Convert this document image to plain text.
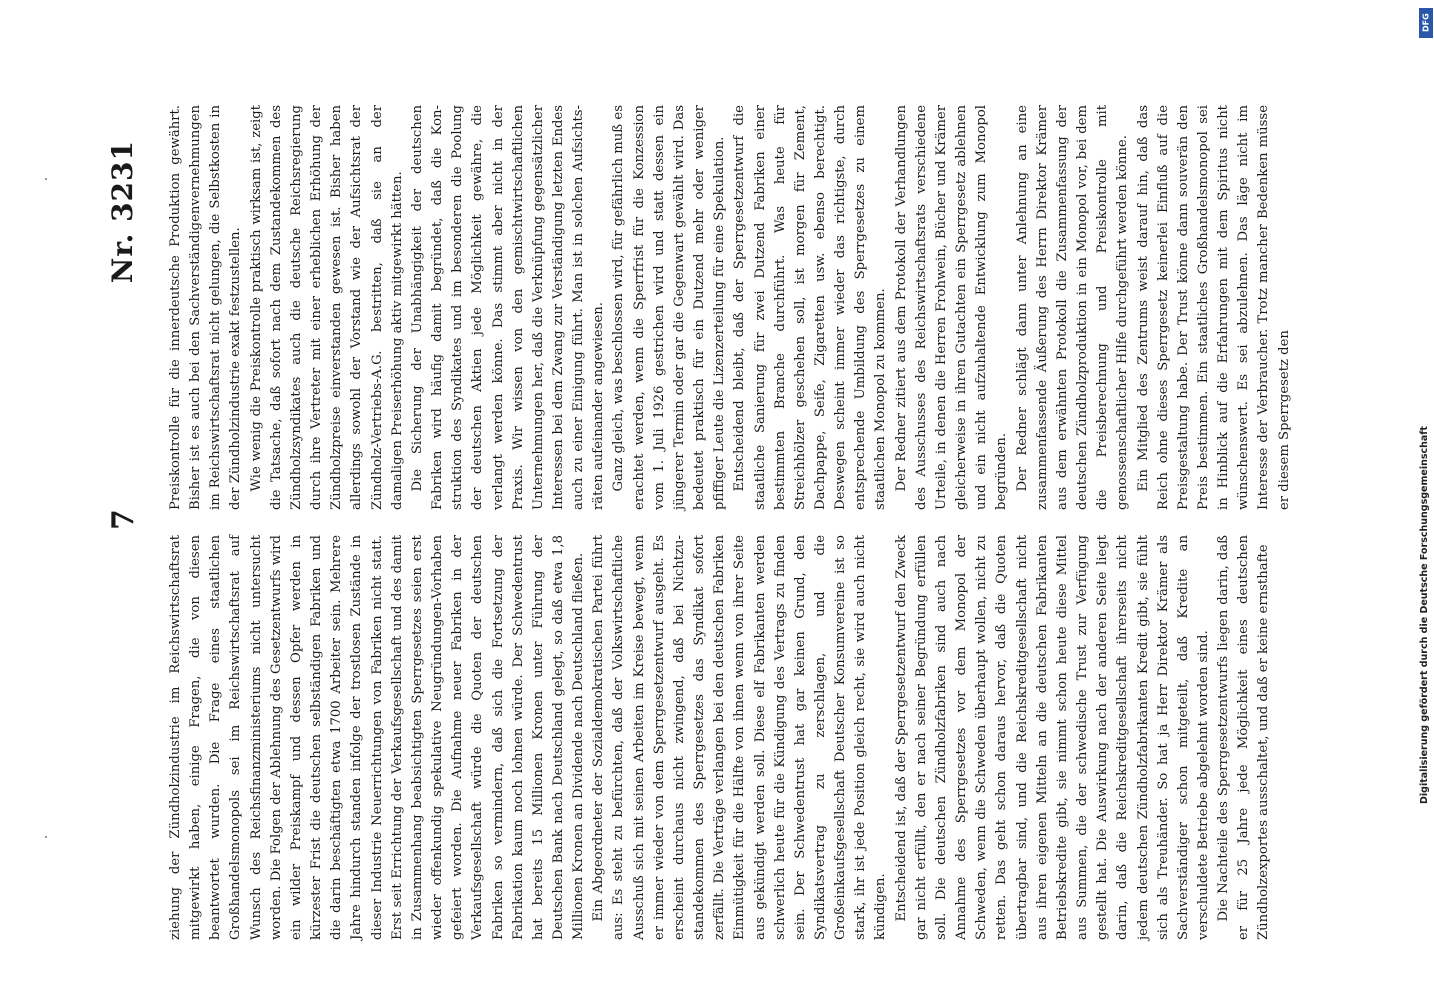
7
Nr. 3231

ziehung der Zündholzindustrie im Reichswirtschaftsrat mitgewirkt haben, einige Fragen, die von diesen beantwortet wurden. Die Frage eines staatlichen Großhandelsmonopols sei im Reichswirtschaftsrat auf Wunsch des Reichsfinanzministeriums nicht untersucht worden. Die Folgen der Ablehnung des Gesetzentwurfs wird ein wilder Preiskampf und dessen Opfer werden in kürzester Frist die deutschen selbständigen Fabriken und die darin beschäftigten etwa 1700 Arbeiter sein. Mehrere Jahre hindurch standen infolge der trostlosen Zustände in dieser Industrie Neuerrichtungen von Fabriken nicht statt. Erst seit Errichtung der Verkaufsgesellschaft und des damit in Zusammenhang beabsichtigten Sperrgesetzes seien erst wieder offenkundig spekulative Neugründungen-Vorhaben gefeiert worden. Die Aufnahme neuer Fabriken in der Verkaufsgesellschaft würde die Quoten der deutschen Fabriken so vermindern, daß sich die Fortsetzung der Fabrikation kaum noch lohnen würde. Der Schwedentrust hat bereits 15 Millionen Kronen unter Führung der Deutschen Bank nach Deutschland gelegt, so daß etwa 1,8 Millionen Kronen an Dividende nach Deutschland fließen. Ein Abgeordneter der Sozialdemokratischen Partei führt aus: Es steht zu befürchten, daß der Volkswirtschaftliche Ausschuß sich mit seinen Arbeiten im Kreise bewegt, wenn er immer wieder von dem Sperrgesetzentwurf ausgeht. Es erscheint durchaus nicht zwingend, daß bei Nichtzustandekommen des Sperrgesetzes das Syndikat sofort zerfällt. Die Verträge verlangen bei den deutschen Fabriken Einmütigkeit für die Hälfte von ihnen wenn von ihrer Seite aus gekündigt werden soll. Diese elf Fabrikanten werden schwerlich heute für die Kündigung des Vertrags zu finden sein. Der Schwedentrust hat gar keinen Grund, den Syndikatsvertrag zu zerschlagen, und die Großeinkaufsgesellschaft Deutscher Konsumvereine ist so stark, ihr ist jede Position gleich recht, sie wird auch nicht kündigen. Entscheidend ist, daß der Sperrgesetzentwurf den Zweck gar nicht erfüllt, den er nach seiner Begründung erfüllen soll. Die deutschen Zündholzfabriken sind auch nach Annahme des Sperrgesetzes vor dem Monopol der Schweden, wenn die Schweden überhaupt wollen, nicht zu retten. Das geht schon daraus hervor, daß die Quoten übertragbar sind, und die Reichskreditgesellschaft nicht aus ihren eigenen Mitteln an die deutschen Fabrikanten Betriebskredite gibt, sie nimmt schon heute diese Mittel aus Summen, die der schwedische Trust zur Verfügung gestellt hat. Die Auswirkung nach der anderen Seite liegt darin, daß die Reichskreditgesellschaft ihrerseits nicht jedem deutschen Zündholzfabrikanten Kredit gibt, sie fühlt sich als Treuhänder. So hat ja Herr Direktor Krämer als Sachverständiger schon mitgeteilt, daß Kredite an verschuldete Betriebe abgelehnt worden sind. Die Nachteile des Sperrgesetzentwurfs liegen darin, daß er für 25 Jahre jede Möglichkeit eines deutschen Zündholzexportes ausschaltet, und daß er keine ernsthafte

Preiskontrolle für die innerdeutsche Produktion gewährt. Bisher ist es auch bei den Sachverständigenvernehmungen im Reichswirtschaftsrat nicht gelungen, die Selbstkosten in der Zündholzindustrie exakt festzustellen. Wie wenig die Preiskontrolle praktisch wirksam ist, zeigt die Tatsache, daß sofort nach dem Zustandekommen des Zündholzsyndikates auch die deutsche Reichsregierung durch ihre Vertreter mit einer erheblichen Erhöhung der Zündholzpreise einverstanden gewesen ist. Bisher haben allerdings sowohl der Vorstand wie der Aufsichtsrat der Zündholz-Vertriebs-A.G. bestritten, daß sie an der damaligen Preiserhöhung aktiv mitgewirkt hätten. Die Sicherung der Unabhängigkeit der deutschen Fabriken wird häufig damit begründet, daß die Konstruktion des Syndikates und im besonderen die Poolung der deutschen Aktien jede Möglichkeit gewähre, die verlangt werden könne. Das stimmt aber nicht in der Praxis. Wir wissen von den gemischtwirtschaftlichen Unternehmungen her, daß die Verknüpfung gegensätzlicher Interessen bei dem Zwang zur Verständigung letzten Endes auch zu einer Einigung führt. Man ist in solchen Aufsichtsräten aufeinander angewiesen. Ganz gleich, was beschlossen wird, für gefährlich muß es erachtet werden, wenn die Sperrfrist für die Konzession vom 1. Juli 1926 gestrichen wird und statt dessen ein jüngerer Termin oder gar die Gegenwart gewählt wird. Das bedeutet praktisch für ein Dutzend mehr oder weniger pfiffiger Leute die Lizenzerteilung für eine Spekulation. Entscheidend bleibt, daß der Sperrgesetzentwurf die staatliche Sanierung für zwei Dutzend Fabriken einer bestimmten Branche durchführt. Was heute für Streichhölzer geschehen soll, ist morgen für Zement, Dachpappe, Seife, Zigaretten usw. ebenso berechtigt. Deswegen scheint immer wieder das richtigste, durch entsprechende Umbildung des Sperrgesetzes zu einem staatlichen Monopol zu kommen. Der Redner zitiert aus dem Protokoll der Verhandlungen des Ausschusses des Reichswirtschaftsrats verschiedene Urteile, in denen die Herren Frohwein, Bücher und Krämer gleicherweise in ihren Gutachten ein Sperrgesetz ablehnen und ein nicht aufzuhaltende Entwicklung zum Monopol begründen. Der Redner schlägt dann unter Anlehnung an eine zusammenfassende Äußerung des Herrn Direktor Krämer aus dem erwähnten Protokoll die Zusammenfassung der deutschen Zündholzproduktion in ein Monopol vor, bei dem die Preisberechnung und Preiskontrolle mit genossenschaftlicher Hilfe durchgeführt werden könne. Ein Mitglied des Zentrums weist darauf hin, daß das Reich ohne dieses Sperrgesetz keinerlei Einfluß auf die Preisgestaltung habe. Der Trust könne dann souverän den Preis bestimmen. Ein staatliches Großhandelsmonopol sei in Hinblick auf die Erfahrungen mit dem Spiritus nicht wünschenswert. Es sei abzulehnen. Das läge nicht im Interesse der Verbraucher. Trotz mancher Bedenken müsse er diesem Sperrgesetz den

DFG
Digitalisierung gefördert durch die Deutsche Forschungsgemeinschaft
